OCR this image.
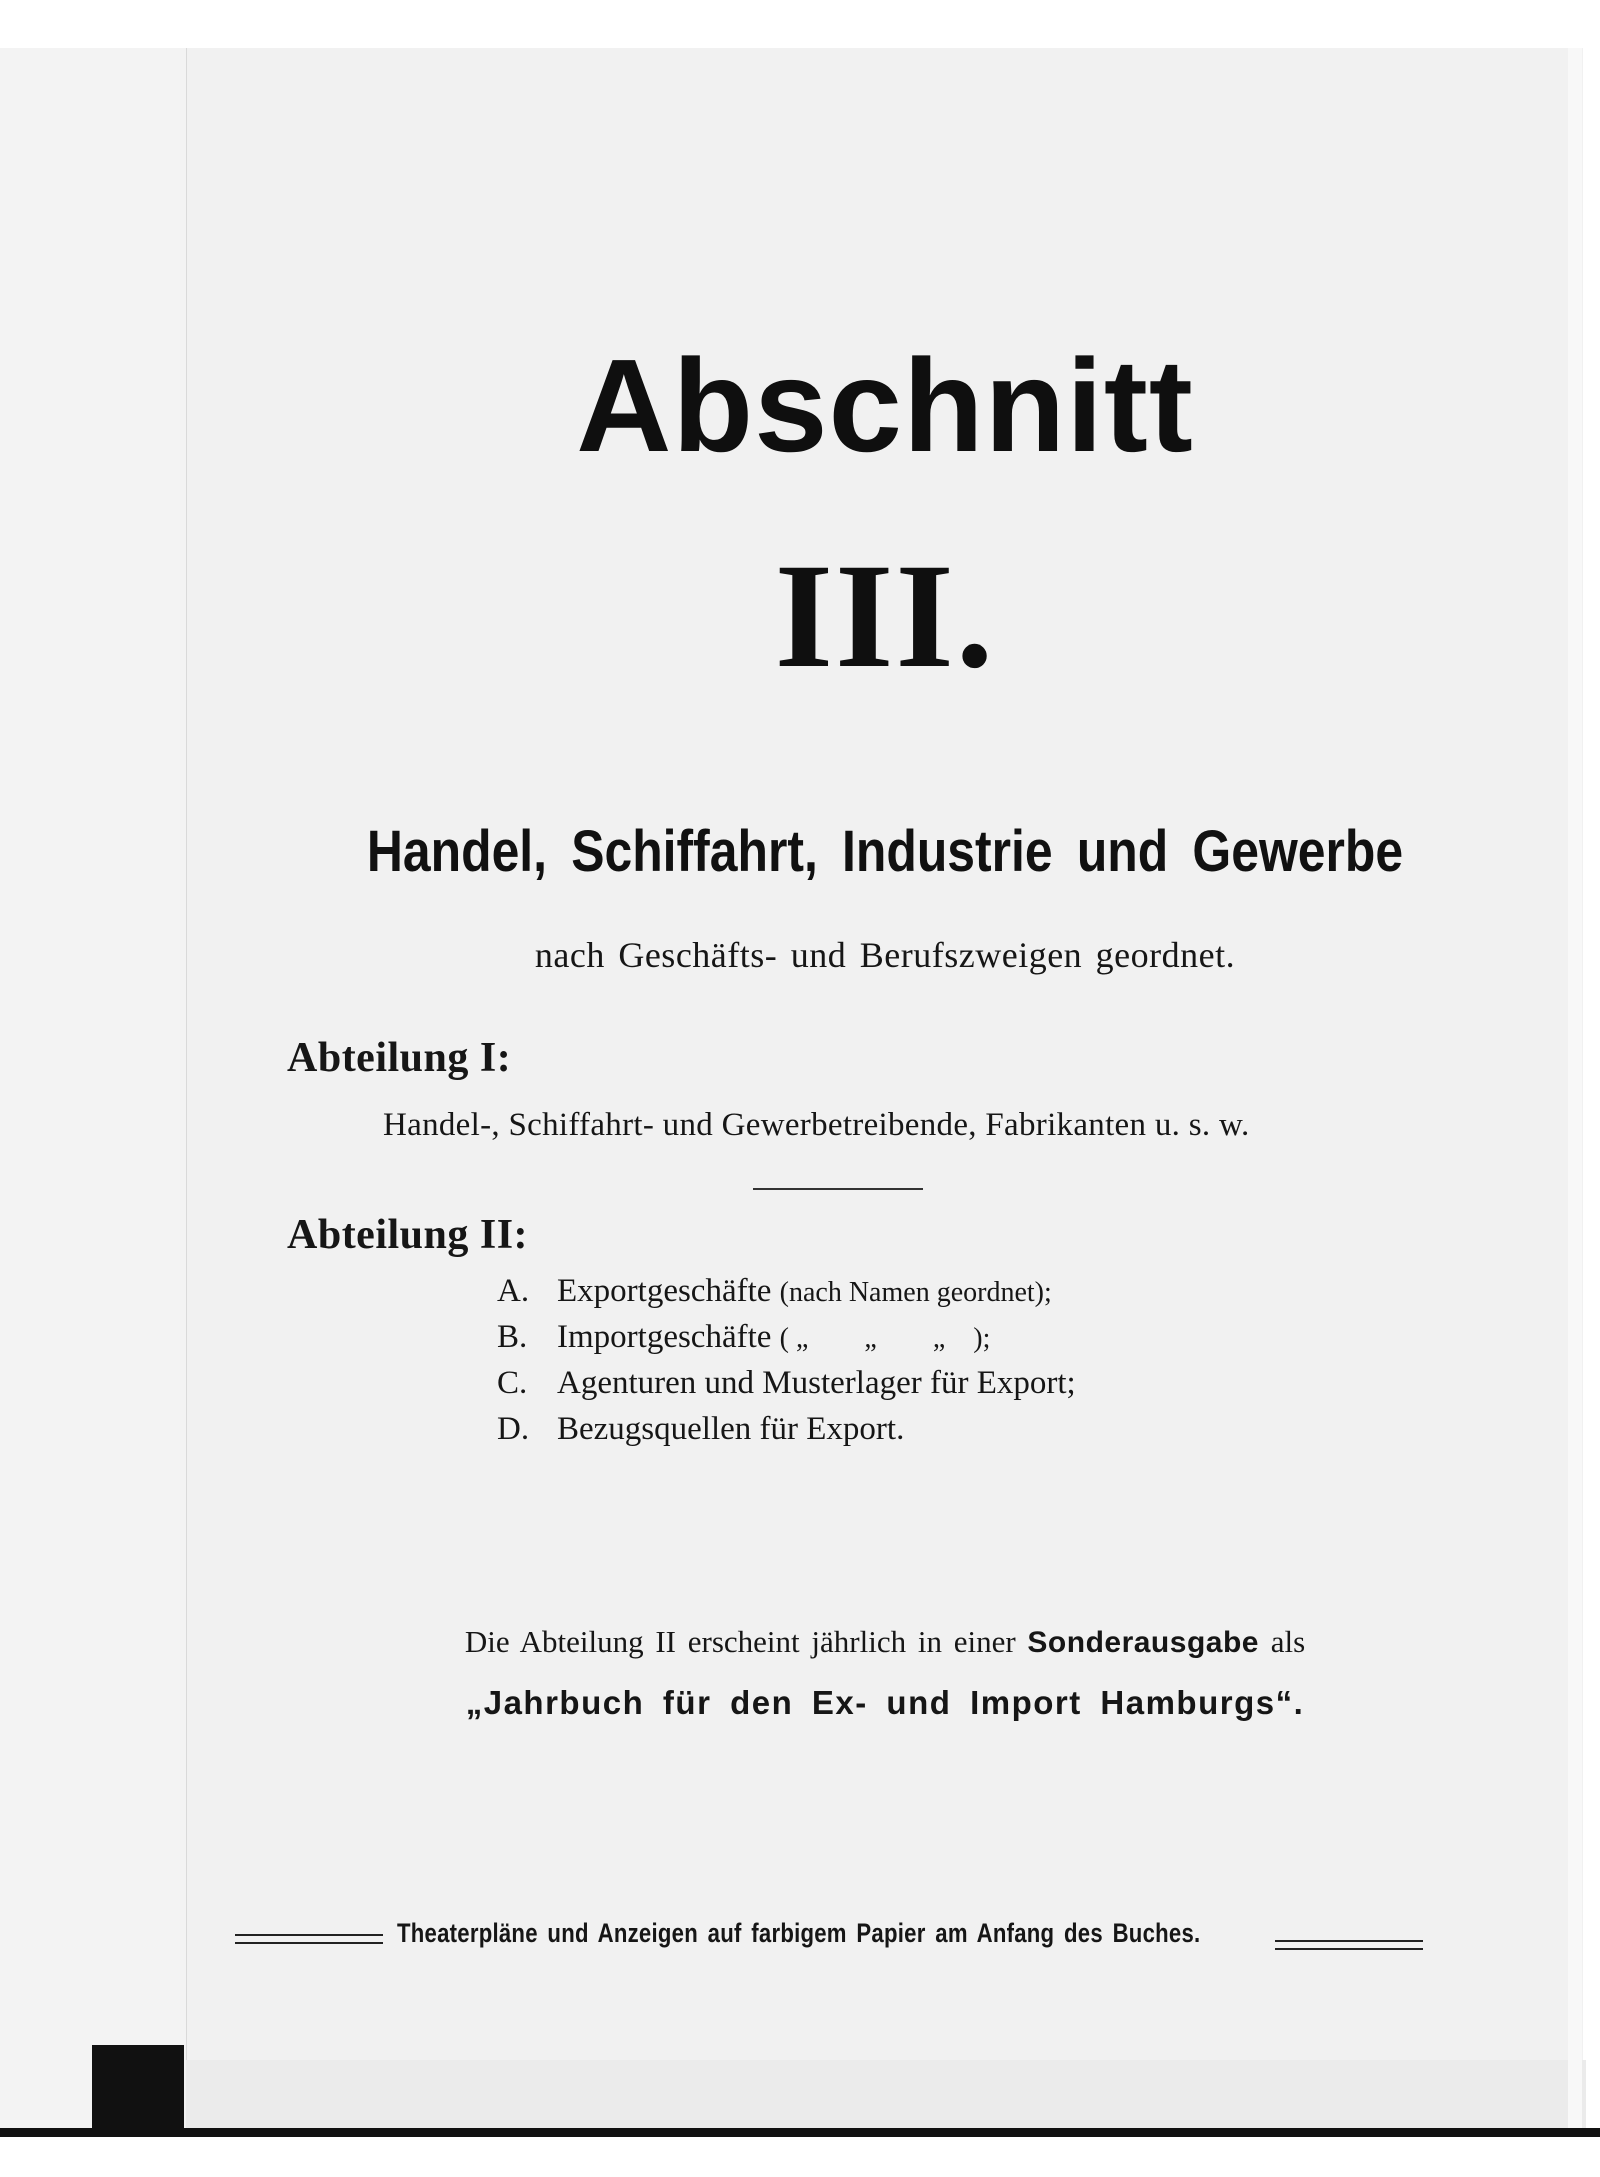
Abschnitt
III.
Handel, Schiffahrt, Industrie und Gewerbe
nach Geschäfts- und Berufszweigen geordnet.
Abteilung I:
Handel-, Schiffahrt- und Gewerbetreibende, Fabrikanten u. s. w.
Abteilung II:
A. Exportgeschäfte (nach Namen geordnet);
B. Importgeschäfte ( „        „        „    );
C. Agenturen und Musterlager für Export;
D. Bezugsquellen für Export.
Die Abteilung II erscheint jährlich in einer Sonderausgabe als
„Jahrbuch für den Ex- und Import Hamburgs“.
Theaterpläne und Anzeigen auf farbigem Papier am Anfang des Buches.
